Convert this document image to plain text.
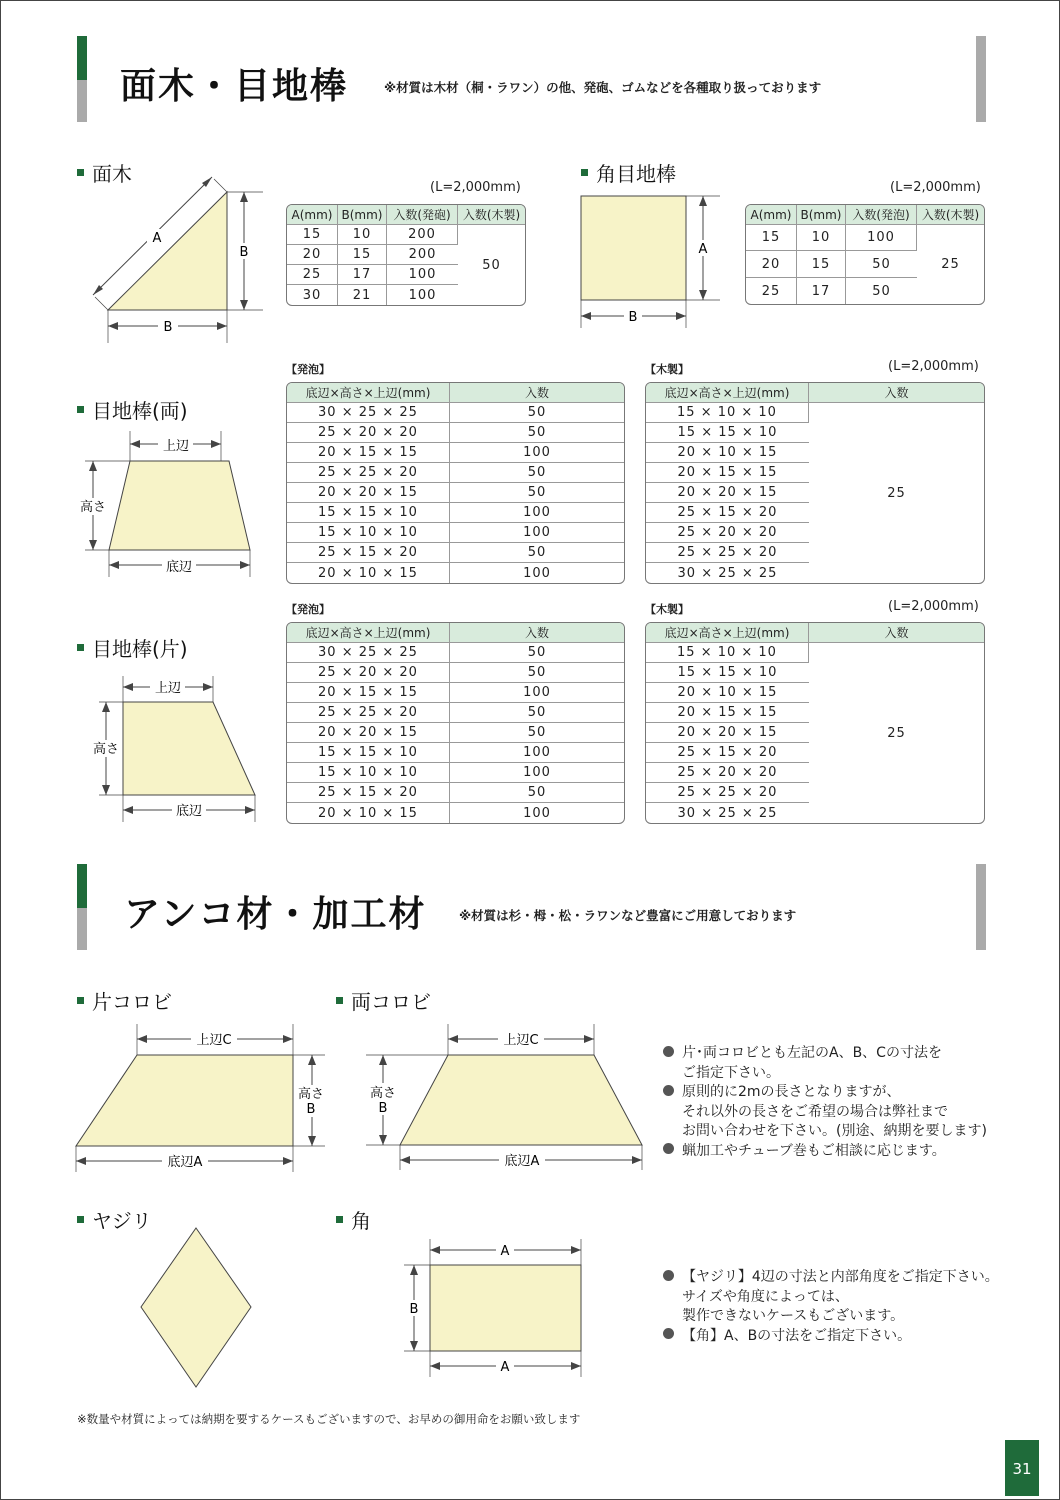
面木・目地棒	※材質は木材（桐・ラワン）の他、発砲、ゴムなどを各種取り扱っております
面木
A
B
B
(L=2,000mm)
A(mm)	B(mm)	入数(発砲)	入数(木製)
15	10	200	50
20	15	200	
25	17	100	
30	21	100	
角目地棒
A
B
(L=2,000mm)
A(mm)	B(mm)	入数(発泡)	入数(木製)
15	10	100	25
20	15	50	
25	17	50	
目地棒(両)
上辺
高さ
底辺
【発泡】	【木製】	(L=2,000mm)
底辺×高さ×上辺(mm)	入数
30 × 25 × 25	50
25 × 20 × 20	50
20 × 15 × 15	100
25 × 25 × 20	50
20 × 20 × 15	50
15 × 15 × 10	100
15 × 10 × 10	100
25 × 15 × 20	50
20 × 10 × 15	100
底辺×高さ×上辺(mm)	入数
15 × 10 × 10	25
15 × 15 × 10	
20 × 10 × 15	
20 × 15 × 15	
20 × 20 × 15	
25 × 15 × 20	
25 × 20 × 20	
25 × 25 × 20	
30 × 25 × 25	
目地棒(片)
上辺
高さ
底辺
【発泡】	【木製】	(L=2,000mm)
底辺×高さ×上辺(mm)	入数
30 × 25 × 25	50
25 × 20 × 20	50
20 × 15 × 15	100
25 × 25 × 20	50
20 × 20 × 15	50
15 × 15 × 10	100
15 × 10 × 10	100
25 × 15 × 20	50
20 × 10 × 15	100
底辺×高さ×上辺(mm)	入数
15 × 10 × 10	25
15 × 15 × 10	
20 × 10 × 15	
20 × 15 × 15	
20 × 20 × 15	
25 × 15 × 20	
25 × 20 × 20	
25 × 25 × 20	
30 × 25 × 25	
アンコ材・加工材	※材質は杉・栂・松・ラワンなど豊富にご用意しております
片コロビ
上辺C
高さ
B
底辺A
両コロビ
上辺C
高さ
B
底辺A
片･両コロビとも左記のA、B、Cの寸法を
ご指定下さい。
原則的に2mの長さとなりますが、
それ以外の長さをご希望の場合は弊社まで
お問い合わせを下さい。(別途、納期を要します)
蝋加工やチューブ巻もご相談に応じます。
ヤジリ	角
A
B
A
【ヤジリ】4辺の寸法と内部角度をご指定下さい。
サイズや角度によっては、
製作できないケースもございます。
【角】A、Bの寸法をご指定下さい。
※数量や材質によっては納期を要するケースもございますので、お早めの御用命をお願い致します
31
